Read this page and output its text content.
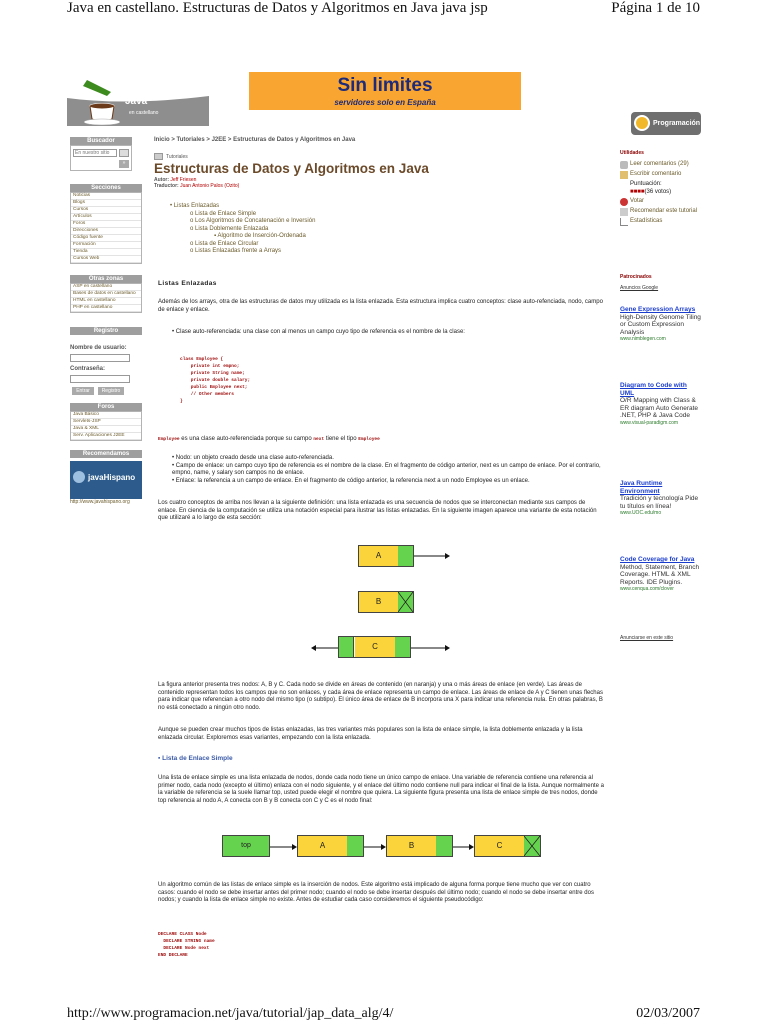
Java en castellano. Estructuras de Datos y Algoritmos en Java java jsp	Página 1 de 10
http://www.programacion.net/java/tutorial/jap_data_alg/4/	02/03/2007
Java
en castellano
Sin limites
servidores solo en España
Programación
Buscador
En nuestro sitio
»
Secciones
Noticias
Blogs
Cursos
Artículos
Foros
Direcciones
Código fuente
Formación
Tienda
Cursos Web
Otras zonas
ASP en castellano
Bases de datos en castellano
HTML en castellano
PHP en castellano
Registro
Nombre de usuario:
Contraseña:
Entrar	Registro
Foros
Java Básico
Servlets-JSP
Java & XML
Serv. Aplicaciones J2EE
Recomendamos
javaHispano
http://www.javahispano.org
Inicio > Tutoriales > J2EE > Estructuras de Datos y Algoritmos en Java
Tutoriales
Estructuras de Datos y Algoritmos en Java
Autor: Jeff Friesen
Traductor: Juan Antonio Palos (Ozito)
• Listas Enlazadas
o Lista de Enlace Simple
o Los Algoritmos de Concatenación e Inversión
o Lista Doblemente Enlazada
▪ Algoritmo de Inserción-Ordenada
o Lista de Enlace Circular
o Listas Enlazadas frente a Arrays
Listas Enlazadas
Además de los arrays, otra de las estructuras de datos muy utilizada es la lista enlazada. Esta estructura implica cuatro conceptos: clase auto-refenciada, nodo, campo de enlace y enlace.
• Clase auto-referenciada: una clase con al menos un campo cuyo tipo de referencia es el nombre de la clase:

class Employee {
private int empno;
private String name;
private double salary;
public Employee next;
// Other members
}

Employee es una clase auto-referenciada porque su campo next tiene el tipo Employee
• Nodo: un objeto creado desde una clase auto-referenciada.
• Campo de enlace: un campo cuyo tipo de referencia es el nombre de la clase. En el fragmento de código anterior, next es un campo de enlace. Por el contrario, empno, name, y salary son campos no de enlace.
• Enlace: la referencia a un campo de enlace. En el fragmento de código anterior, la referencia next a un nodo Employee es un enlace.
Los cuatro conceptos de arriba nos llevan a la siguiente definición: una lista enlazada es una secuencia de nodos que se interconectan mediante sus campos de enlace. En ciencia de la computación se utiliza una notación especial para ilustrar las listas enlazadas. En la siguiente imagen aparece una variante de esta notación que utilizaré a lo largo de esta sección:
A
B
C
La figura anterior presenta tres nodos: A, B y C. Cada nodo se divide en áreas de contenido (en naranja) y una o más áreas de enlace (en verde). Las áreas de contenido representan todos los campos que no son enlaces, y cada área de enlace representa un campo de enlace. Las áreas de enlace de A y C tienen unas flechas para indicar que referencian a otro nodo del mismo tipo (o subtipo). El único área de enlace de B incorpora una X para indicar una referencia nula. En otras palabras, B no está conectado a ningún otro nodo.
Aunque se pueden crear muchos tipos de listas enlazadas, las tres variantes más populares son la lista de enlace simple, la lista doblemente enlazada y la lista enlazada circular. Exploremos esas variantes, empezando con la lista enlazada.
▪ Lista de Enlace Simple
Una lista de enlace simple es una lista enlazada de nodos, donde cada nodo tiene un único campo de enlace. Una variable de referencia contiene una referencia al primer nodo, cada nodo (excepto el último) enlaza con el nodo siguiente, y el enlace del último nodo contiene null para indicar el final de la lista. Aunque normalmente a la variable de referencia se la suele llamar top, usted puede elegir el nombre que quiera. La siguiente figura presenta una lista de enlace simple de tres nodos, donde top referencia al nodo A, A conecta con B y B conecta con C y C es el nodo final:
top	A	B	C
Un algoritmo común de las listas de enlace simple es la inserción de nodos. Este algoritmo está implicado de alguna forma porque tiene mucho que ver con cuatro casos: cuando el nodo se debe insertar antes del primer nodo; cuando el nodo se debe insertar después del último nodo; cuando el nodo se debe insertar entre dos nodos; y cuando la lista de enlace simple no existe. Antes de estudiar cada caso consideremos el siguiente pseudocódigo:

DECLARE CLASS Node
DECLARE STRING name
DECLARE Node next
END DECLARE

Utilidades
Leer comentarios (29)
Escribir comentario
Puntuación:
■■■■(36 votos)
Votar
Recomendar este tutorial
Estadísticas
Patrocinados
Anuncios Google
Gene Expression Arrays
High-Density Genome Tiling or Custom Expression Analysis
www.nimblegen.com
Diagram to Code with UML
O/R Mapping with Class & ER diagram Auto Generate .NET, PHP & Java Code
www.visual-paradigm.com
Java Runtime Environment
Tradición y tecnología Pide tu títulos en línea!
www.UOC.edu/mo
Code Coverage for Java
Method, Statement, Branch Coverage. HTML & XML Reports. IDE Plugins.
www.cenqua.com/clover
Anunciarse en este sitio
